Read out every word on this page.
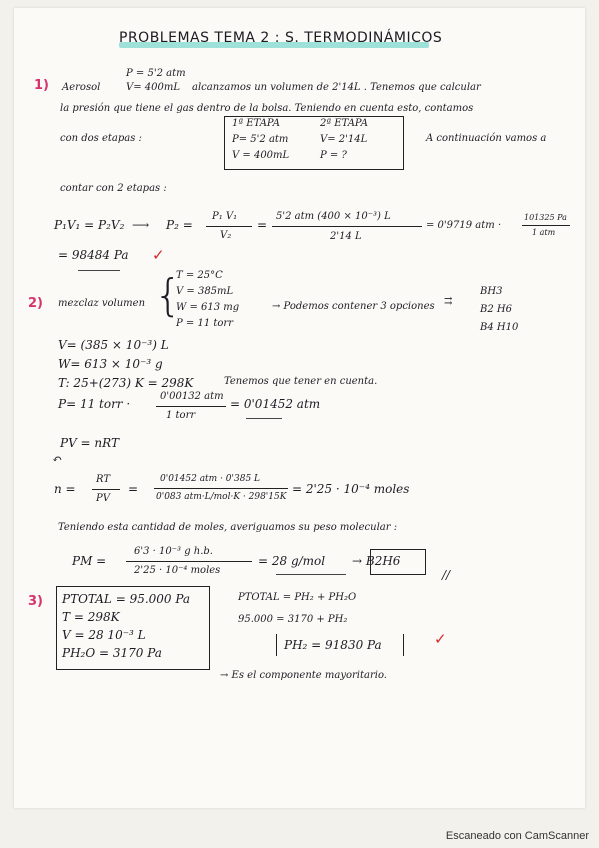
PROBLEMAS TEMA 2 : S. TERMODINÁMICOS
1) Aerosol
P = 5'2 atm
V= 400mL alcanzamos un volumen de 2'14L . Tenemos que calcular
la presión que tiene el gas dentro de la bolsa. Teniendo en cuenta esto, contamos
con dos etapas :
1ª ETAPA	2ª ETAPA
P= 5'2 atm	V= 2'14L
V = 400mL	P = ?
A continuación vamos a
contar con 2 etapas :
P₁V₁ = P₂V₂ ⟶ P₂ =
P₁ V₁
V₂
=
5'2 atm (400 × 10⁻³) L
2'14 L
= 0'9719 atm ·
101325 Pa
1 atm
= 98484 Pa ✓
2) mezclaz volumen {
T = 25°C
V = 385mL
W = 613 mg
P = 11 torr
→ Podemos contener 3 opciones ⇉
BH3
B2 H6
B4 H10
V= (385 × 10⁻³) L
W= 613 × 10⁻³ g
T: 25+(273) K = 298K	Tenemos que tener en cuenta.
P= 11 torr ·
0'00132 atm
1 torr
= 0'01452 atm
PV = nRT
↶
n =
RT
PV
=
0'01452 atm · 0'385 L
0'083 atm·L/mol·K · 298'15K
= 2'25 · 10⁻⁴ moles
Teniendo esta cantidad de moles, averiguamos su peso molecular :
PM =
6'3 · 10⁻³ g h.b.
2'25 · 10⁻⁴ moles
= 28 g/mol → B2H6
//
3) PTOTAL = 95.000 Pa
T = 298K
V = 28 10⁻³ L
PH₂O = 3170 Pa
PTOTAL = PH₂ + PH₂O
95.000 = 3170 + PH₂
PH₂ = 91830 Pa	✓
→ Es el componente mayoritario.
Escaneado con CamScanner
